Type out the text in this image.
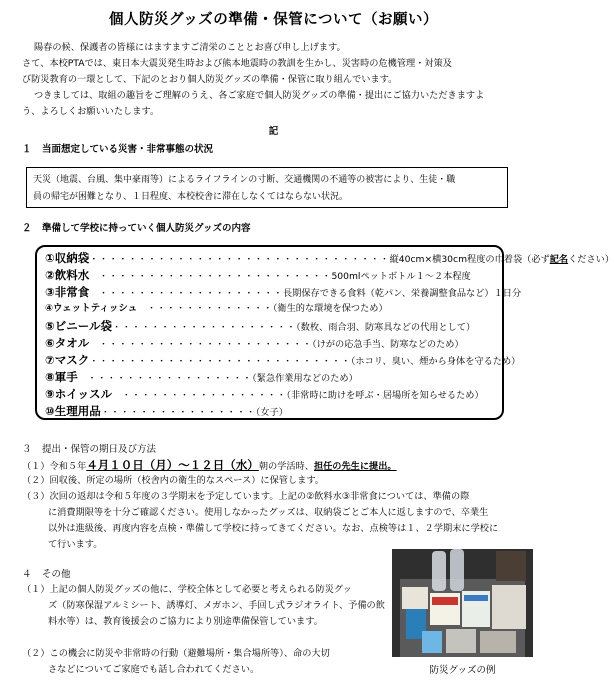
個人防災グッズの準備・保管について（お願い）
陽春の候、保護者の皆様にはますますご清栄のこととお喜び申し上げます。
さて、本校PTAでは、東日本大震災発生時および熊本地震時の教訓を生かし、災害時の危機管理・対策及
び防災教育の一環として、下記のとおり個人防災グッズの準備・保管に取り組んでいます。
つきましては、取組の趣旨をご理解のうえ、各ご家庭で個人防災グッズの準備・提出にご協力いただきますよ
う、よろしくお願いいたします。
記
１ 当面想定している災害・非常事態の状況
天災（地震、台風、集中豪雨等）によるライフラインの寸断、交通機関の不通等の被害により、生徒・職
員の帰宅が困難となり、１日程度、本校校舎に滞在しなくてはならない状況。
２ 準備して学校に持っていく個人防災グッズの内容
①収納袋・・・・・・・・・・・・・・・・・・・・・・・・・・・・・・・縦40cm×横30cm程度の巾着袋（必ず記名ください）
②飲料水　・・・・・・・・・・・・・・・・・・・・・・・・500mlペットボトル１～２本程度
③非常食　・・・・・・・・・・・・・・・・・・・長期保存できる食料（乾パン、栄養調整食品など）１日分
④ウェットティッシュ　・・・・・・・・・・・・・（衛生的な環境を保つため）
⑤ビニール袋・・・・・・・・・・・・・・・・・・・（数枚、雨合羽、防寒具などの代用として）
⑥タオル　・・・・・・・・・・・・・・・・・・・・・・（けがの応急手当、防寒などのため）
⑦マスク・・・・・・・・・・・・・・・・・・・・・・・・・・・（ホコリ、臭い、煙から身体を守るため）
⑧軍手　・・・・・・・・・・・・・・・・・（緊急作業用などのため）
⑨ホイッスル　・・・・・・・・・・・・・・・・・（非常時に助けを呼ぶ・居場所を知らせるため）
⑩生理用品・・・・・・・・・・・・・・・・（女子）
３ 提出・保管の期日及び方法
（１）令和５年４月１０日（月）～１２日（水）朝の学活時、担任の先生に提出。
（２）回収後、所定の場所（校舎内の衛生的なスペース）に保管します。
（３）次回の返却は令和５年度の３学期末を予定しています。上記の②飲料水③非常食については、準備の際
に消費期限等を十分ご確認ください。使用しなかったグッズは、収納袋ごとご本人に返しますので、卒業生
以外は進級後、再度内容を点検・準備して学校に持ってきてください。なお、点検等は１、２学期末に学校に
て行います。
４ その他
（１）上記の個人防災グッズの他に、学校全体として必要と考えられる防災グッ
ズ（防寒保湿アルミシート、誘導灯、メガホン、手回し式ラジオライト、予備の飲
料水等）は、教育後援会のご協力により別途準備保管しています。
（２）この機会に防災や非常時の行動（避難場所・集合場所等）、命の大切
さなどについてご家庭でも話し合われてください。	防災グッズの例
